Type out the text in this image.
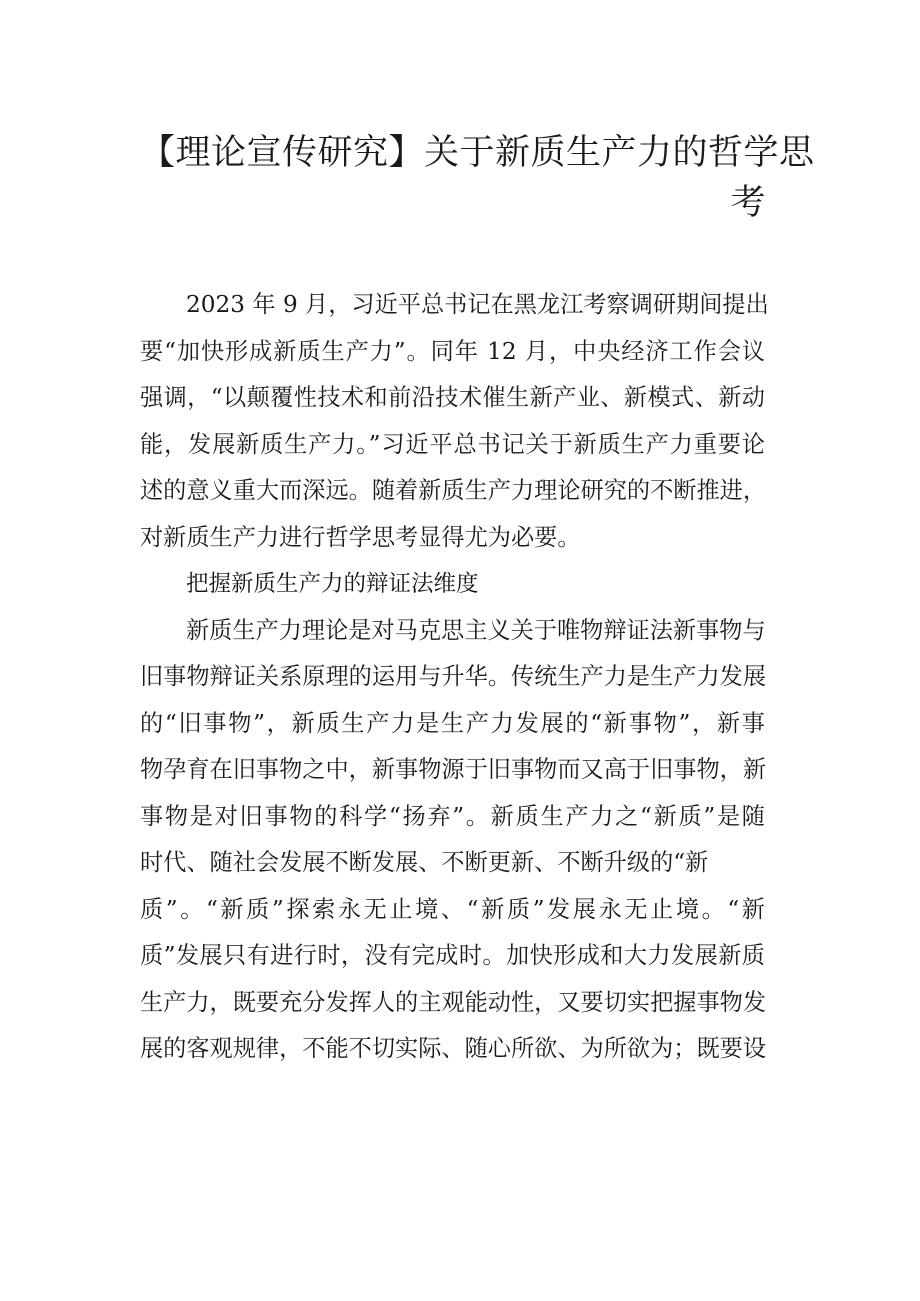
【理论宣传研究】关于新质生产力的哲学思
考
2023 年 9 月，习近平总书记在黑龙江考察调研期间提出
要“加快形成新质生产力”。同年 12 月，中央经济工作会议
强调，“以颠覆性技术和前沿技术催生新产业、新模式、新动
能，发展新质生产力。”习近平总书记关于新质生产力重要论
述的意义重大而深远。随着新质生产力理论研究的不断推进，
对新质生产力进行哲学思考显得尤为必要。
把握新质生产力的辩证法维度
新质生产力理论是对马克思主义关于唯物辩证法新事物与
旧事物辩证关系原理的运用与升华。传统生产力是生产力发展
的“旧事物”，新质生产力是生产力发展的“新事物”，新事
物孕育在旧事物之中，新事物源于旧事物而又高于旧事物，新
事物是对旧事物的科学“扬弃”。新质生产力之“新质”是随
时代、随社会发展不断发展、不断更新、不断升级的“新
质”。“新质”探索永无止境、“新质”发展永无止境。“新
质”发展只有进行时，没有完成时。加快形成和大力发展新质
生产力，既要充分发挥人的主观能动性，又要切实把握事物发
展的客观规律，不能不切实际、随心所欲、为所欲为；既要设
